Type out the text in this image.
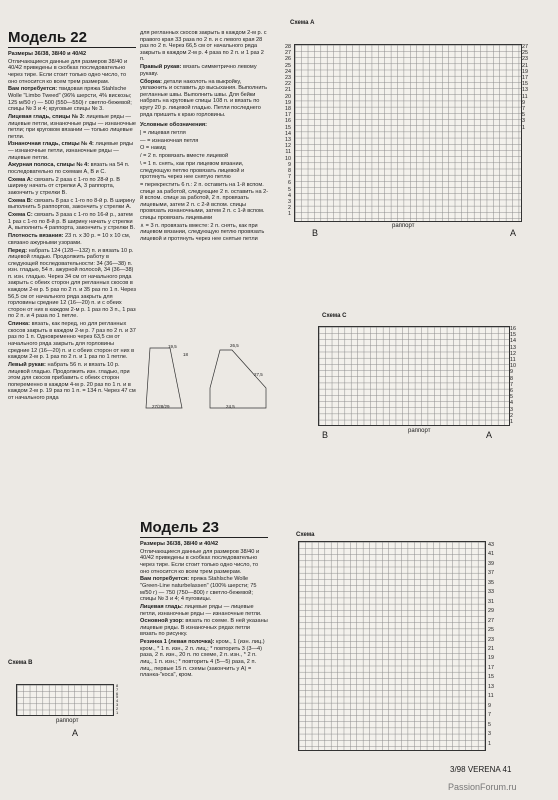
Модель 22

Размеры 36/38, 38/40 и 40/42

Отличающиеся данные для размеров 38/40 и 40/42 приведены в скобках последовательно через тире. Если стоит только одно число, то оно относится ко всем трем размерам.

Вам потребуется: твидовая пряжа Stahlsche Wolle "Limbo Tweed" (96% шерсти, 4% вискозы; 125 м/50 г) — 500 (550—550) г светло-бежевой; спицы № 3 и 4; круговые спицы № 3.

Лицевая гладь, спицы № 3: лицевые ряды — лицевые петли, изнаночные ряды — изнаночные петли; при круговом вязании — только лицевые петли.

Изнаночная гладь, спицы № 4: лицевые ряды — изнаночные петли, изнаночные ряды — лицевые петли.

Ажурная полоса, спицы № 4: вязать на 54 п. последовательно по схемам А, В и С.

Схема А: связать 2 раза с 1-го по 28-й р. В ширину начать от стрелки А, 3 раппорта, закончить у стрелки В.

Схема В: связать 8 раз с 1-го по 8-й р. В ширину выполнить 5 раппортов, закончить у стрелки А.

Схема С: связать 3 раза с 1-го по 16-й р., затем 1 раз с 1-го по 8-й р. В ширину начать у стрелки А, выполнить 4 раппорта, закончить у стрелки В.

Плотность вязания: 23 п. x 30 р. = 10 x 10 см, связано ажурными узорами.

Перед: набрать 124 (128—132) п. и вязать 10 р. лицевой гладью. Продолжить работу в следующей последовательности: 34 (36—38) п. изн. гладью, 54 п. ажурной полосой, 34 (36—38) п. изн. гладью. Через 34 см от начального ряда закрыть с обеих сторон для регланных скосов в каждом 2-м р. 5 раз по 2 п. и 35 раз по 1 п. Через 56,5 см от начального ряда закрыть для горловины средние 12 (16—20) п. и с обеих сторон от них в каждом 2-м р. 1 раз по 3 п., 1 раз по 2 п. и 4 раза по 1 петле.

Спинка: вязать, как перед, но для регланных скосов закрыть в каждом 2-м р. 7 раз по 2 п. и 37 раз по 1 п. Одновременно через 63,5 см от начального ряда закрыть для горловины средние 12 (16—20) п. и с обеих сторон от них в каждом 2-м р. 1 раз по 2 п. и 1 раз по 1 петле.

Левый рукав: набрать 56 п. и вязать 10 р. лицевой гладью. Продолжить изн. гладью, при этом для скосов прибавить с обеих сторон попеременно в каждом 4-м р. 20 раз по 1 п. и в каждом 2-м р. 19 раз по 1 п. = 134 п. Через 47 см от начального ряда

для регланных скосов закрыть в каждом 2-м р. с правого края 33 раза по 2 п. и с левого края 28 раз по 2 п. Через 66,5 см от начального ряда закрыть в каждом 2-м р. 4 раза по 2 п. и 1 раз 2 п.

Правый рукав: вязать симметрично левому рукаву.

Сборка: детали наколоть на выкройку, увлажнить и оставить до высыхания. Выполнить регланные швы. Выполнить швы. Для бейки набрать на круговые спицы 108 п. и вязать по кругу 20 р. лицевой гладью. Петли последнего ряда пришить к краю горловины.

Условные обозначения:

| = лицевая петля

— = изнаночная петля

O = накид

/ = 2 п. провязать вместе лицевой

\ = 1 п. снять, как при лицевом вязании, следующую петлю провязать лицевой и протянуть через нее снятую петлю

= перекрестить 6 п.: 2 п. оставить на 1-й вспом. спице за работой, следующие 2 п. оставить на 2-й вспом. спице за работой, 2 п. провязать лицевыми, затем 2 п. с 2-й вспом. спицы провязать изнаночными, затем 2 п. с 1-й вспом. спицы провязать лицевыми

∧ = 3 п. провязать вместе: 2 п. снять, как при лицевом вязании, следующую петлю провязать лицевой и протянуть через нее снятые петли

27/28/29
19,5
18
26,5
27,5
24,5
Модель 23

Размеры 36/38, 38/40 и 40/42

Отличающиеся данные для размеров 38/40 и 40/42 приведены в скобках последовательно через тире. Если стоит только одно число, то оно относится ко всем трем размерам.

Вам потребуется: пряжа Stahlsche Wolle "Green-Line naturbelassen" (100% шерсти; 75 м/50 г) — 750 (750—800) г светло-бежевой; спицы № 3 и 4; 4 пуговицы.

Лицевая гладь: лицевые ряды — лицевые петли, изнаночные ряды — изнаночные петли.

Основной узор: вязать по схеме. В ней указаны лицевые ряды. В изнаночных рядах петли вязать по рисунку.

Резинка 1 (левая полочка): кром., 1 (изн. лиц.) кром., * 1 п. изн., 2 п. лиц.; * повторить 3 (3—4) раза, 2 п. изн., 20 п. по схеме, 2 п. изн., * 2 п. лиц., 1 п. изн.; * повторить 4 (5—5) раза, 2 п. лиц., первые 15 п. схемы (закончить у А) = планка-"коса", кром.

Схема А
28
27
26
25
24
23
22
21
20
19
18
17
16
15
14
13
12
11
10
9
8
7
6
5
4
3
2
1
27
25
23
21
19
17
15
13
11
9
7
5
3
1
B
раппорт
A
Схема С
16
15
14
13
12
11
10
9
8
7
6
5
4
3
2
1
B	раппорт	A
Схема
43
41
39
37
35
33
31
29
27
25
23
21
19
17
15
13
11
9
7
5
3
1
Схема В
8
7
6
5
4
3
2
1
раппорт
A
3/98 VERENA 41
PassionForum.ru
